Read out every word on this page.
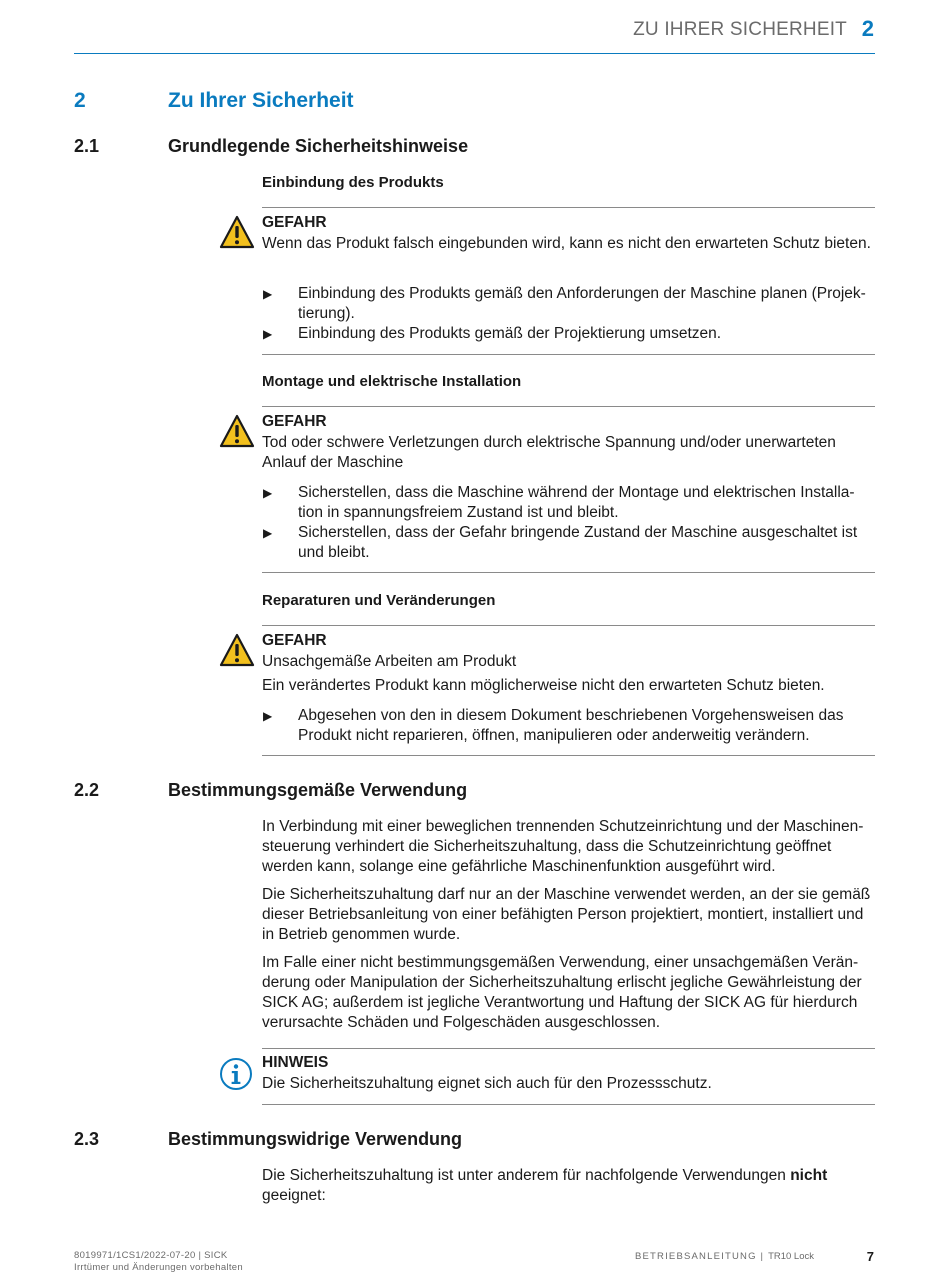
ZU IHRER SICHERHEIT 2
2	Zu Ihrer Sicherheit
2.1	Grundlegende Sicherheitshinweise
Einbindung des Produkts
GEFAHR
Wenn das Produkt falsch eingebunden wird, kann es nicht den erwarteten Schutz bieten.
▶ Einbindung des Produkts gemäß den Anforderungen der Maschine planen (Projek- tierung).
▶ Einbindung des Produkts gemäß der Projektierung umsetzen.
Montage und elektrische Installation
GEFAHR
Tod oder schwere Verletzungen durch elektrische Spannung und/oder unerwarteten Anlauf der Maschine
▶ Sicherstellen, dass die Maschine während der Montage und elektrischen Installa- tion in spannungsfreiem Zustand ist und bleibt.
▶ Sicherstellen, dass der Gefahr bringende Zustand der Maschine ausgeschaltet ist und bleibt.
Reparaturen und Veränderungen
GEFAHR
Unsachgemäße Arbeiten am Produkt
Ein verändertes Produkt kann möglicherweise nicht den erwarteten Schutz bieten.
▶ Abgesehen von den in diesem Dokument beschriebenen Vorgehensweisen das Produkt nicht reparieren, öffnen, manipulieren oder anderweitig verändern.
2.2	Bestimmungsgemäße Verwendung
In Verbindung mit einer beweglichen trennenden Schutzeinrichtung und der Maschinen- steuerung verhindert die Sicherheitszuhaltung, dass die Schutzeinrichtung geöffnet werden kann, solange eine gefährliche Maschinenfunktion ausgeführt wird.
Die Sicherheitszuhaltung darf nur an der Maschine verwendet werden, an der sie gemäß dieser Betriebsanleitung von einer befähigten Person projektiert, montiert, installiert und in Betrieb genommen wurde.
Im Falle einer nicht bestimmungsgemäßen Verwendung, einer unsachgemäßen Verän- derung oder Manipulation der Sicherheitszuhaltung erlischt jegliche Gewährleistung der SICK AG; außerdem ist jegliche Verantwortung und Haftung der SICK AG für hierdurch verursachte Schäden und Folgeschäden ausgeschlossen.
HINWEIS
Die Sicherheitszuhaltung eignet sich auch für den Prozessschutz.
2.3	Bestimmungswidrige Verwendung
Die Sicherheitszuhaltung ist unter anderem für nachfolgende Verwendungen nicht geeignet:
8019971/1CS1/2022-07-20 | SICK
Irrtümer und Änderungen vorbehalten
BETRIEBSANLEITUNG | TR10 Lock	7
